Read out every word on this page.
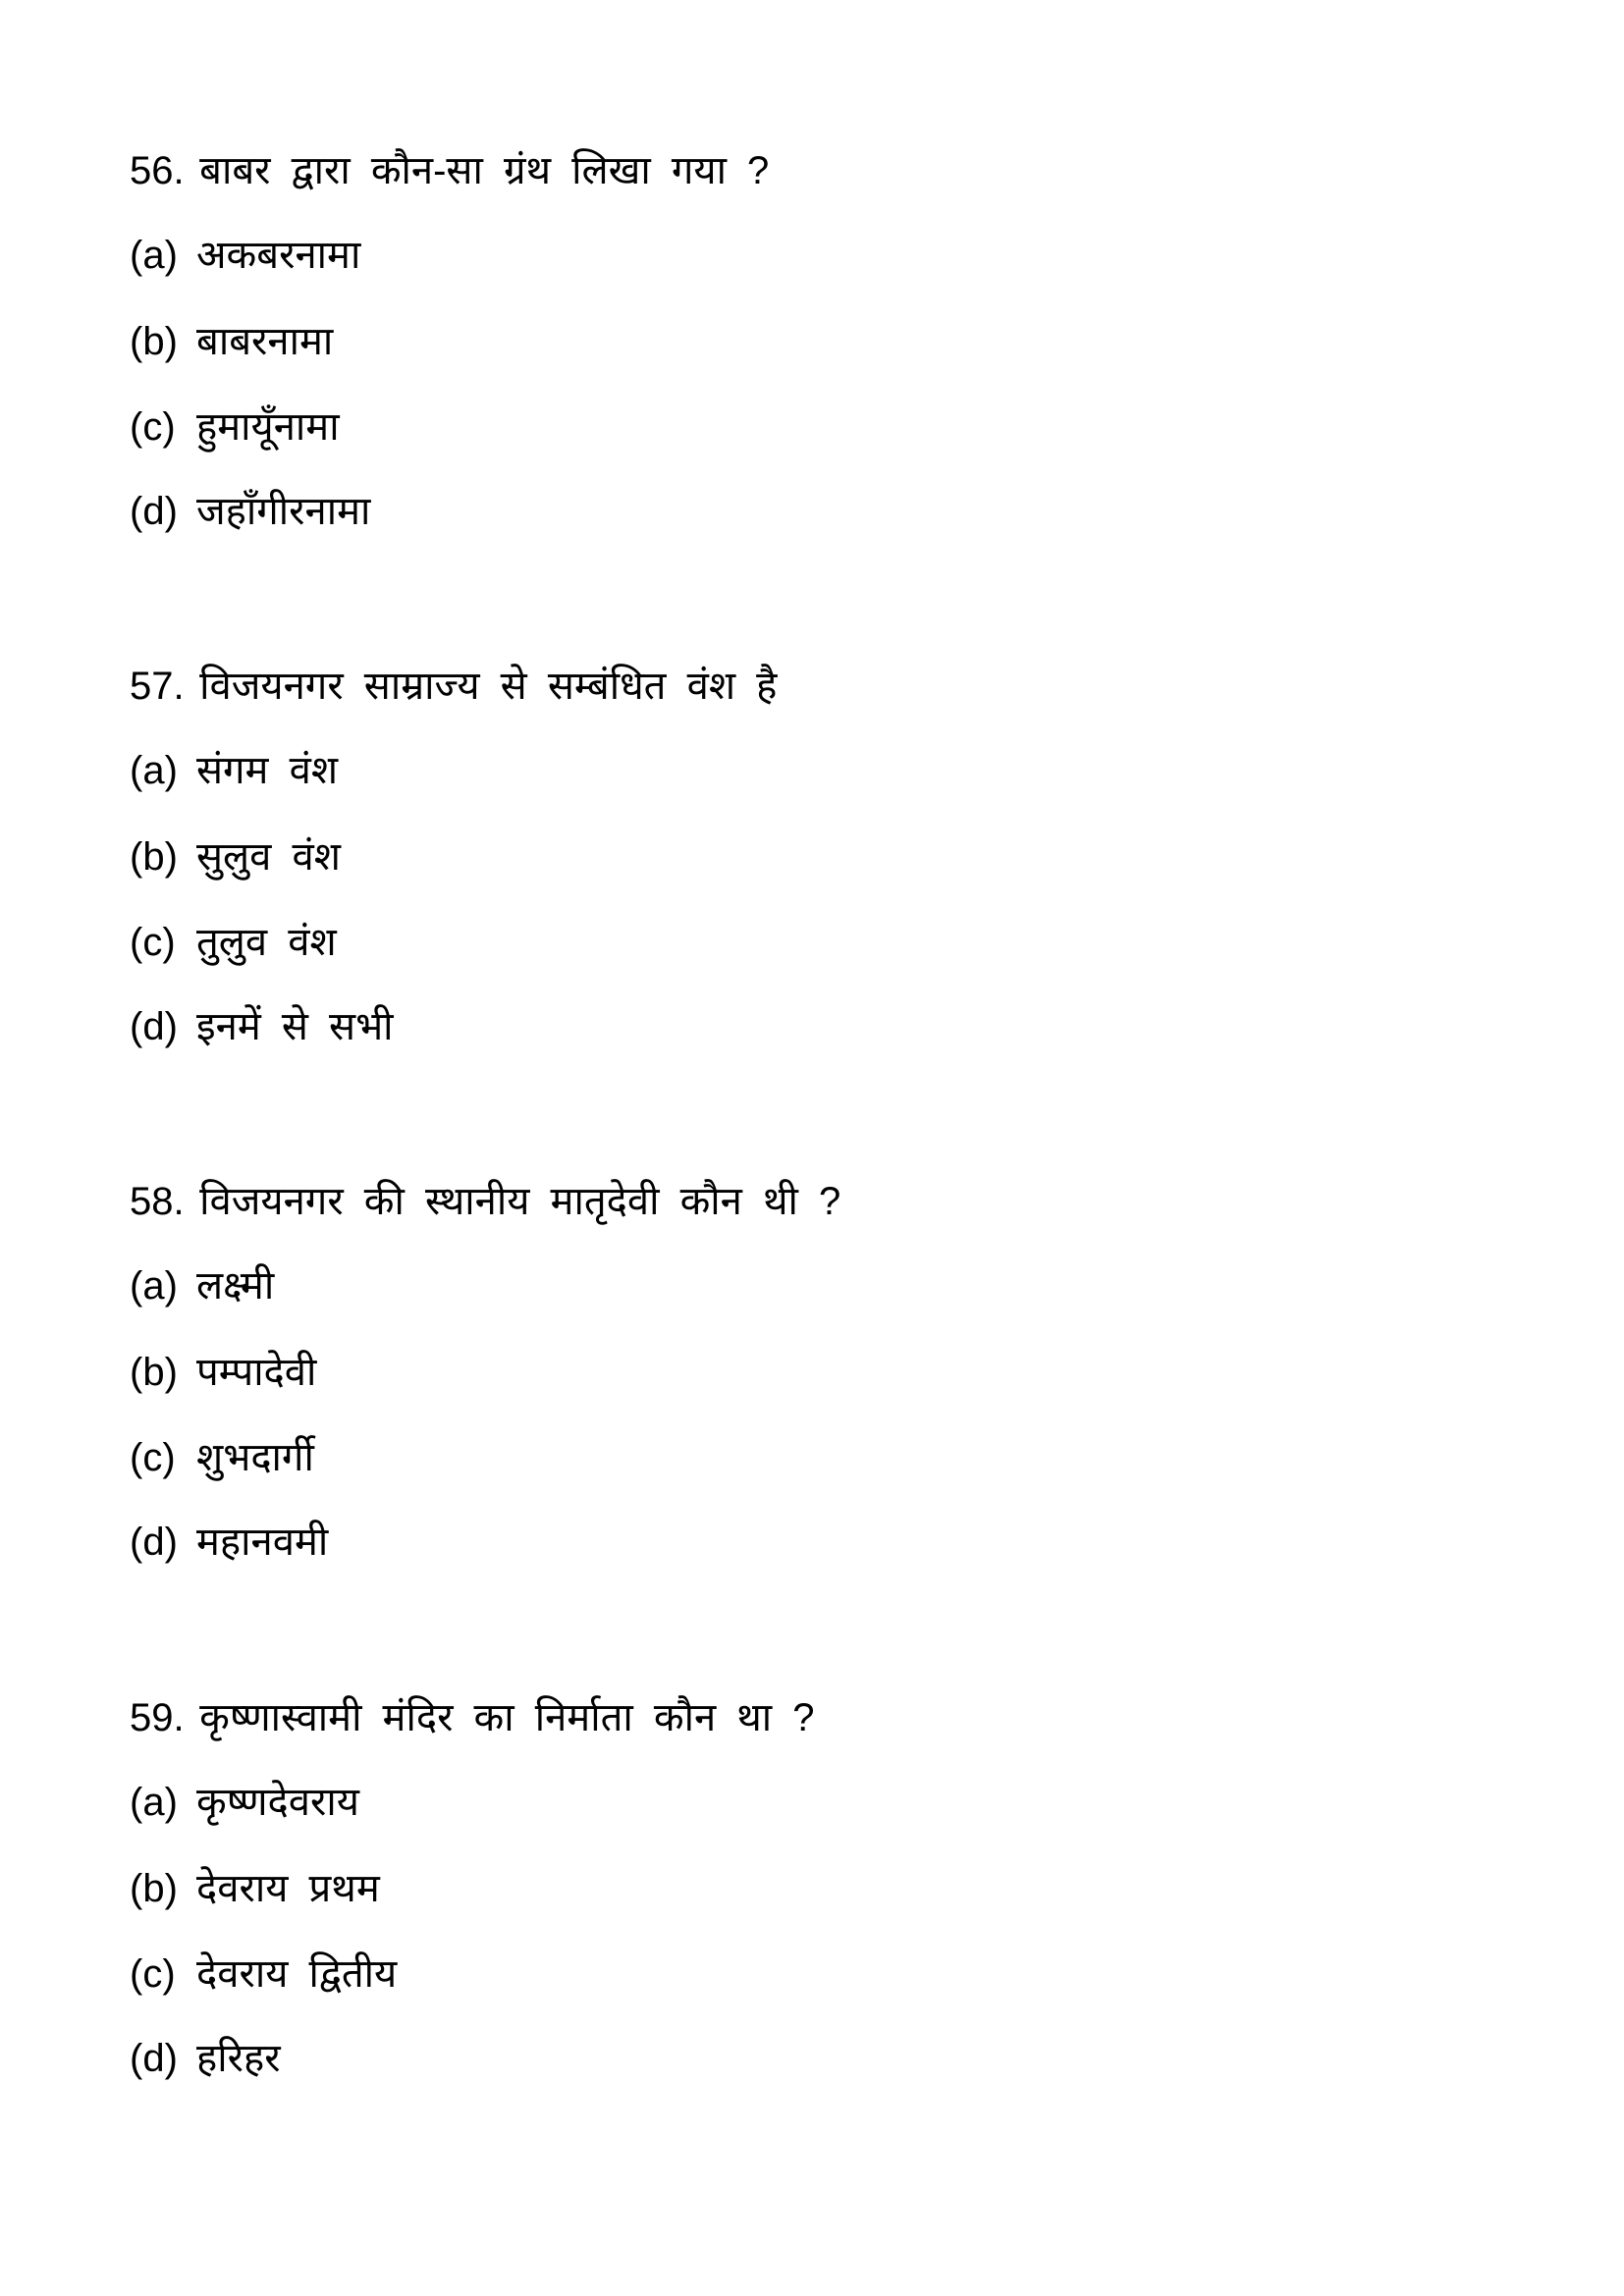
56. बाबर द्वारा कौन-सा ग्रंथ लिखा गया ?
(a) अकबरनामा
(b) बाबरनामा
(c) हुमायूँनामा
(d) जहाँगीरनामा
57. विजयनगर साम्राज्य से सम्बंधित वंश है
(a) संगम वंश
(b) सुलुव वंश
(c) तुलुव वंश
(d) इनमें से सभी
58. विजयनगर की स्थानीय मातृदेवी कौन थी ?
(a) लक्ष्मी
(b) पम्पादेवी
(c) शुभदार्गी
(d) महानवमी
59. कृष्णास्वामी मंदिर का निर्माता कौन था ?
(a) कृष्णदेवराय
(b) देवराय प्रथम
(c) देवराय द्वितीय
(d) हरिहर
